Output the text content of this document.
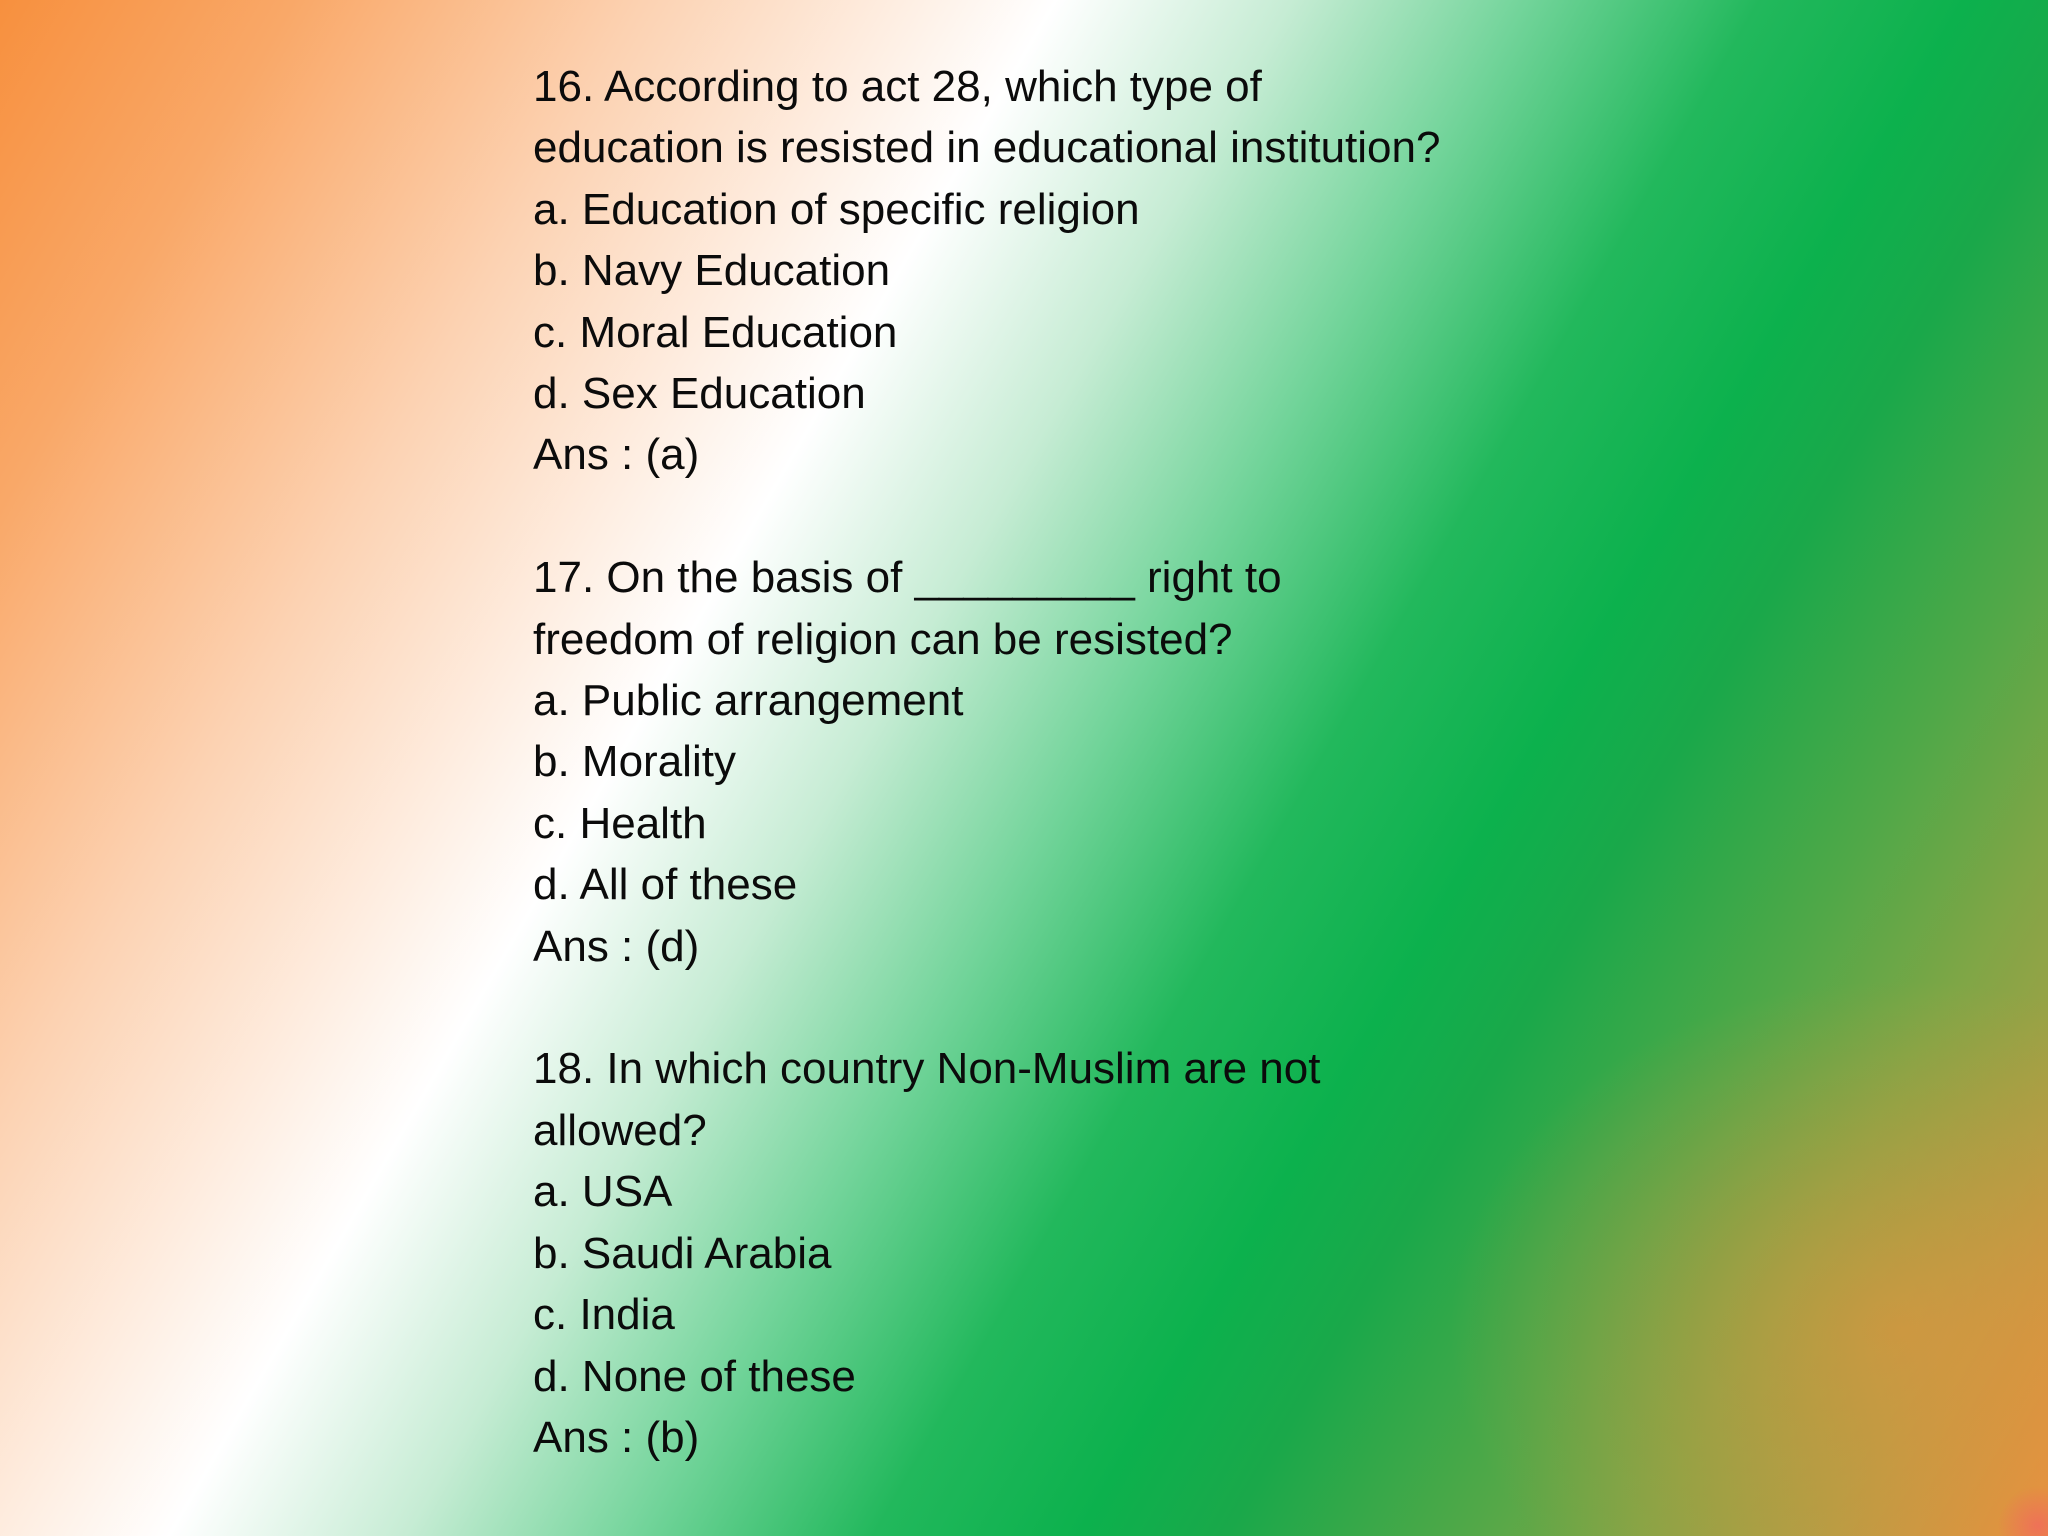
16. According to act 28, which type of
education is resisted in educational institution?
a. Education of specific religion
b. Navy Education
c. Moral Education
d. Sex Education
Ans : (a)
17. On the basis of _________ right to
freedom of religion can be resisted?
a. Public arrangement
b. Morality
c. Health
d. All of these
Ans : (d)
18. In which country Non-Muslim are not
allowed?
a. USA
b. Saudi Arabia
c. India
d. None of these
Ans : (b)
